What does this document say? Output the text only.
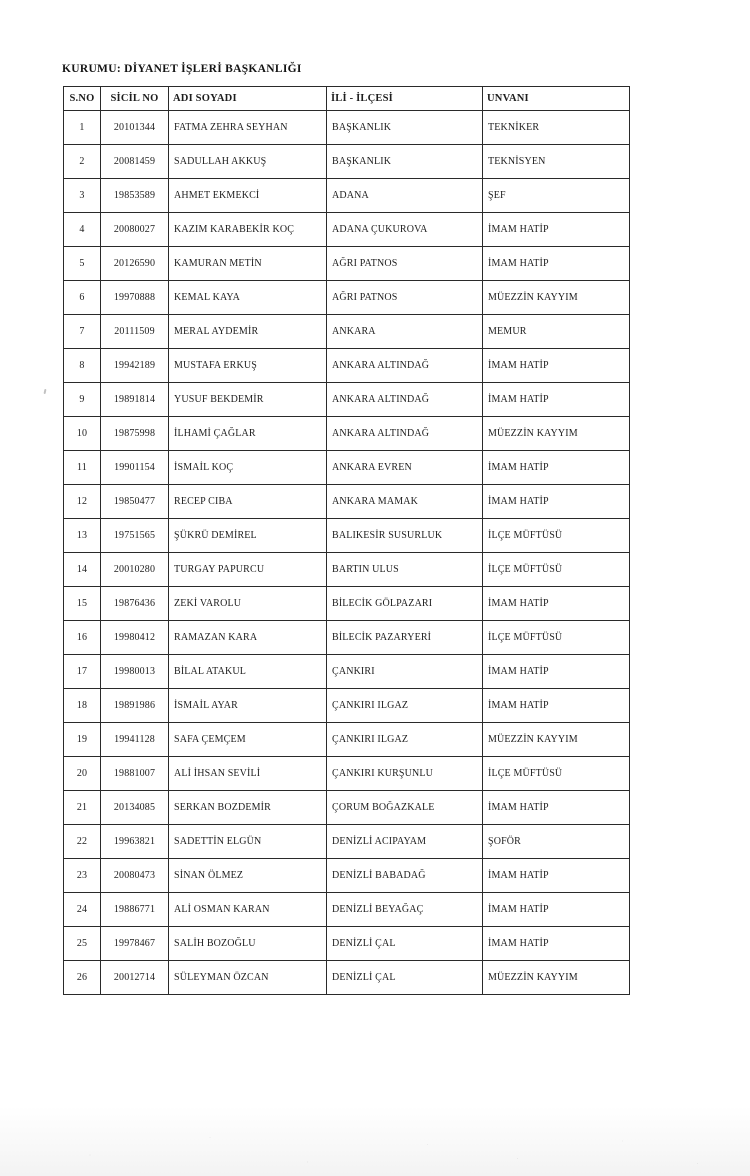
KURUMU: DİYANET İŞLERİ BAŞKANLIĞI
S.NO	SİCİL NO	ADI SOYADI	İLİ - İLÇESİ	UNVANI
1	20101344	FATMA ZEHRA SEYHAN	BAŞKANLIK	TEKNİKER
2	20081459	SADULLAH AKKUŞ	BAŞKANLIK	TEKNİSYEN
3	19853589	AHMET EKMEKCİ	ADANA	ŞEF
4	20080027	KAZIM KARABEKİR KOÇ	ADANA ÇUKUROVA	İMAM HATİP
5	20126590	KAMURAN METİN	AĞRI PATNOS	İMAM HATİP
6	19970888	KEMAL KAYA	AĞRI PATNOS	MÜEZZİN KAYYIM
7	20111509	MERAL AYDEMİR	ANKARA	MEMUR
8	19942189	MUSTAFA ERKUŞ	ANKARA ALTINDAĞ	İMAM HATİP
9	19891814	YUSUF BEKDEMİR	ANKARA ALTINDAĞ	İMAM HATİP
10	19875998	İLHAMİ ÇAĞLAR	ANKARA ALTINDAĞ	MÜEZZİN KAYYIM
11	19901154	İSMAİL KOÇ	ANKARA EVREN	İMAM HATİP
12	19850477	RECEP CIBA	ANKARA MAMAK	İMAM HATİP
13	19751565	ŞÜKRÜ DEMİREL	BALIKESİR SUSURLUK	İLÇE MÜFTÜSÜ
14	20010280	TURGAY PAPURCU	BARTIN ULUS	İLÇE MÜFTÜSÜ
15	19876436	ZEKİ VAROLU	BİLECİK GÖLPAZARI	İMAM HATİP
16	19980412	RAMAZAN KARA	BİLECİK PAZARYERİ	İLÇE MÜFTÜSÜ
17	19980013	BİLAL ATAKUL	ÇANKIRI	İMAM HATİP
18	19891986	İSMAİL AYAR	ÇANKIRI ILGAZ	İMAM HATİP
19	19941128	SAFA ÇEMÇEM	ÇANKIRI ILGAZ	MÜEZZİN KAYYIM
20	19881007	ALİ İHSAN SEVİLİ	ÇANKIRI KURŞUNLU	İLÇE MÜFTÜSÜ
21	20134085	SERKAN BOZDEMİR	ÇORUM BOĞAZKALE	İMAM HATİP
22	19963821	SADETTİN ELGÜN	DENİZLİ ACIPAYAM	ŞOFÖR
23	20080473	SİNAN ÖLMEZ	DENİZLİ BABADAĞ	İMAM HATİP
24	19886771	ALİ OSMAN KARAN	DENİZLİ BEYAĞAÇ	İMAM HATİP
25	19978467	SALİH BOZOĞLU	DENİZLİ ÇAL	İMAM HATİP
26	20012714	SÜLEYMAN ÖZCAN	DENİZLİ ÇAL	MÜEZZİN KAYYIM
